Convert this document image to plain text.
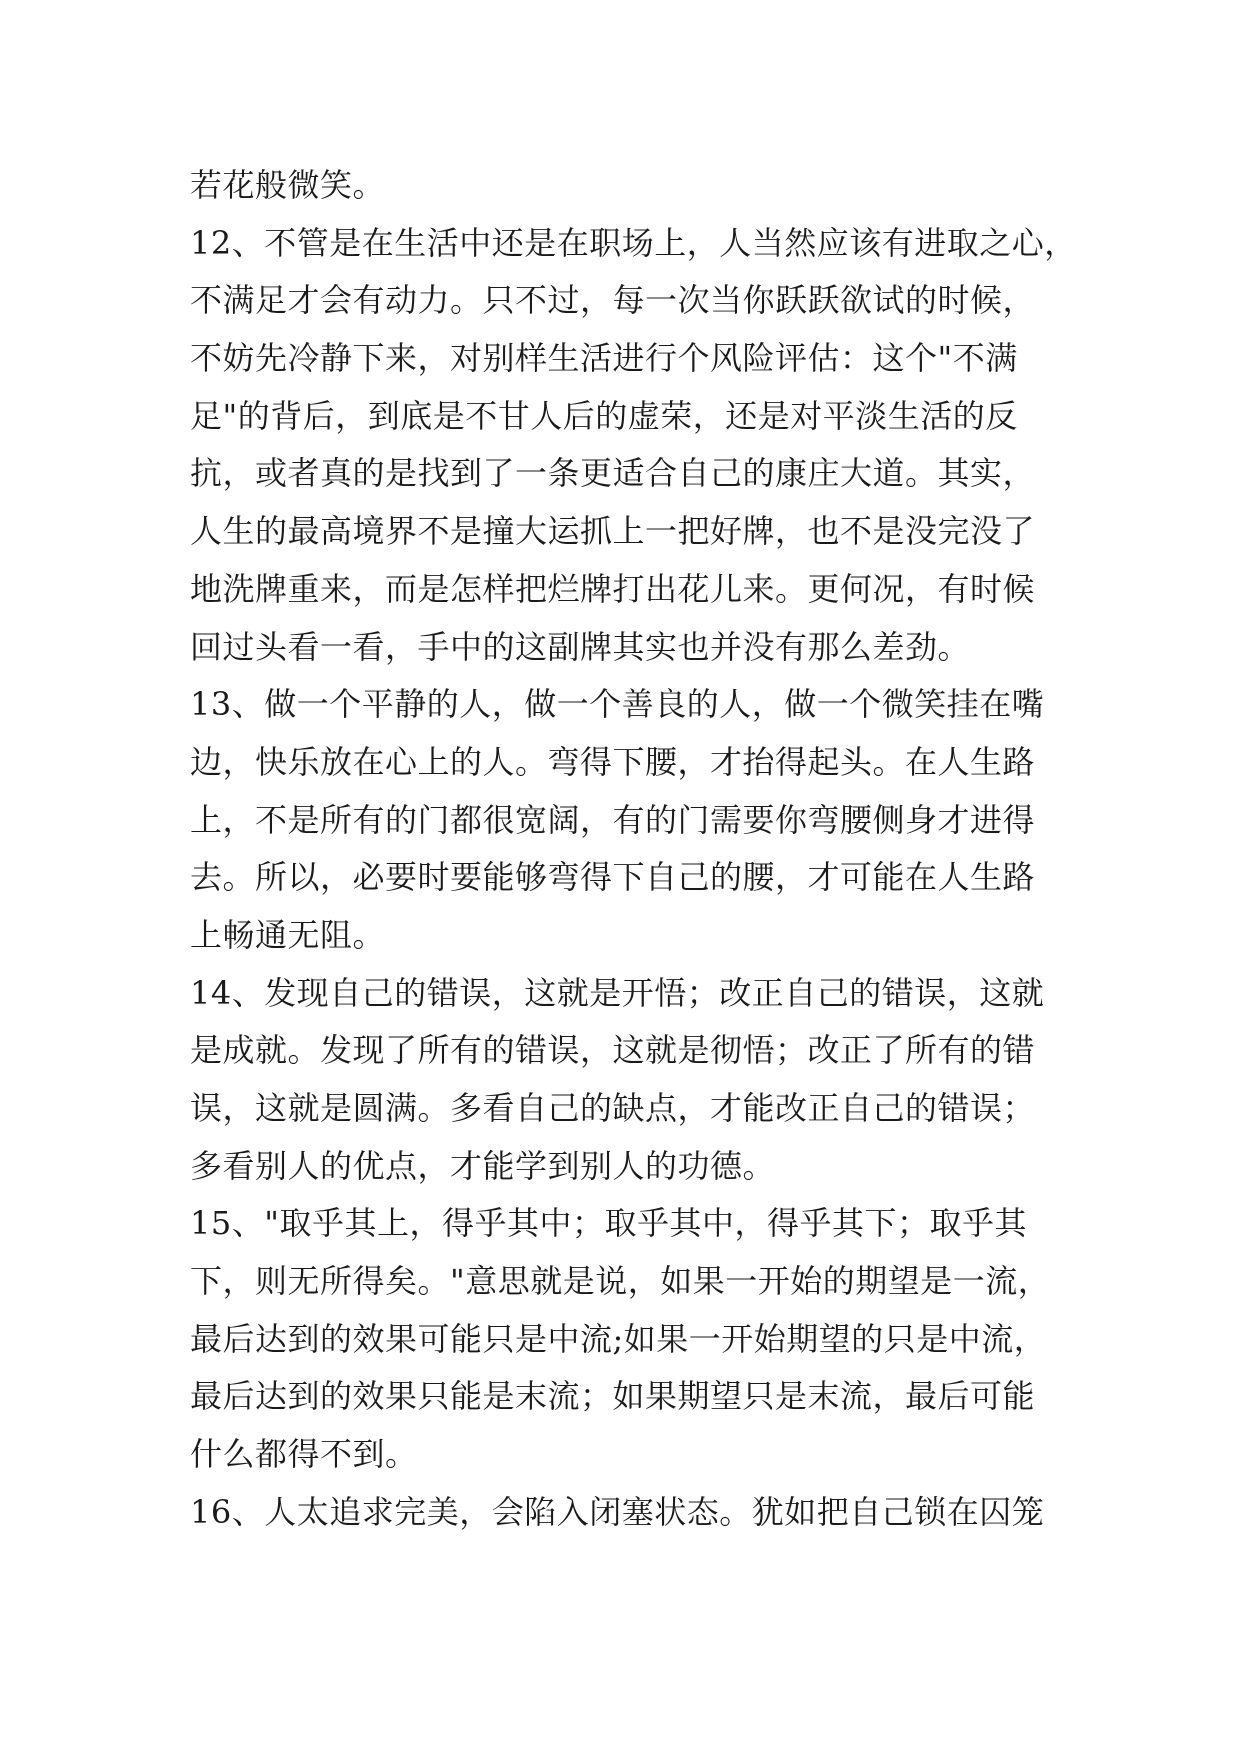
若花般微笑。
12、不管是在生活中还是在职场上，人当然应该有进取之心，
不满足才会有动力。只不过，每一次当你跃跃欲试的时候，
不妨先冷静下来，对别样生活进行个风险评估：这个"不满
足"的背后，到底是不甘人后的虚荣，还是对平淡生活的反
抗，或者真的是找到了一条更适合自己的康庄大道。其实，
人生的最高境界不是撞大运抓上一把好牌，也不是没完没了
地洗牌重来，而是怎样把烂牌打出花儿来。更何况，有时候
回过头看一看，手中的这副牌其实也并没有那么差劲。
13、做一个平静的人，做一个善良的人，做一个微笑挂在嘴
边，快乐放在心上的人。弯得下腰，才抬得起头。在人生路
上，不是所有的门都很宽阔，有的门需要你弯腰侧身才进得
去。所以，必要时要能够弯得下自己的腰，才可能在人生路
上畅通无阻。
14、发现自己的错误，这就是开悟；改正自己的错误，这就
是成就。发现了所有的错误，这就是彻悟；改正了所有的错
误，这就是圆满。多看自己的缺点，才能改正自己的错误；
多看别人的优点，才能学到别人的功德。
15、"取乎其上，得乎其中；取乎其中，得乎其下；取乎其
下，则无所得矣。"意思就是说，如果一开始的期望是一流，
最后达到的效果可能只是中流;如果一开始期望的只是中流，
最后达到的效果只能是末流；如果期望只是末流，最后可能
什么都得不到。
16、人太追求完美，会陷入闭塞状态。犹如把自己锁在囚笼
